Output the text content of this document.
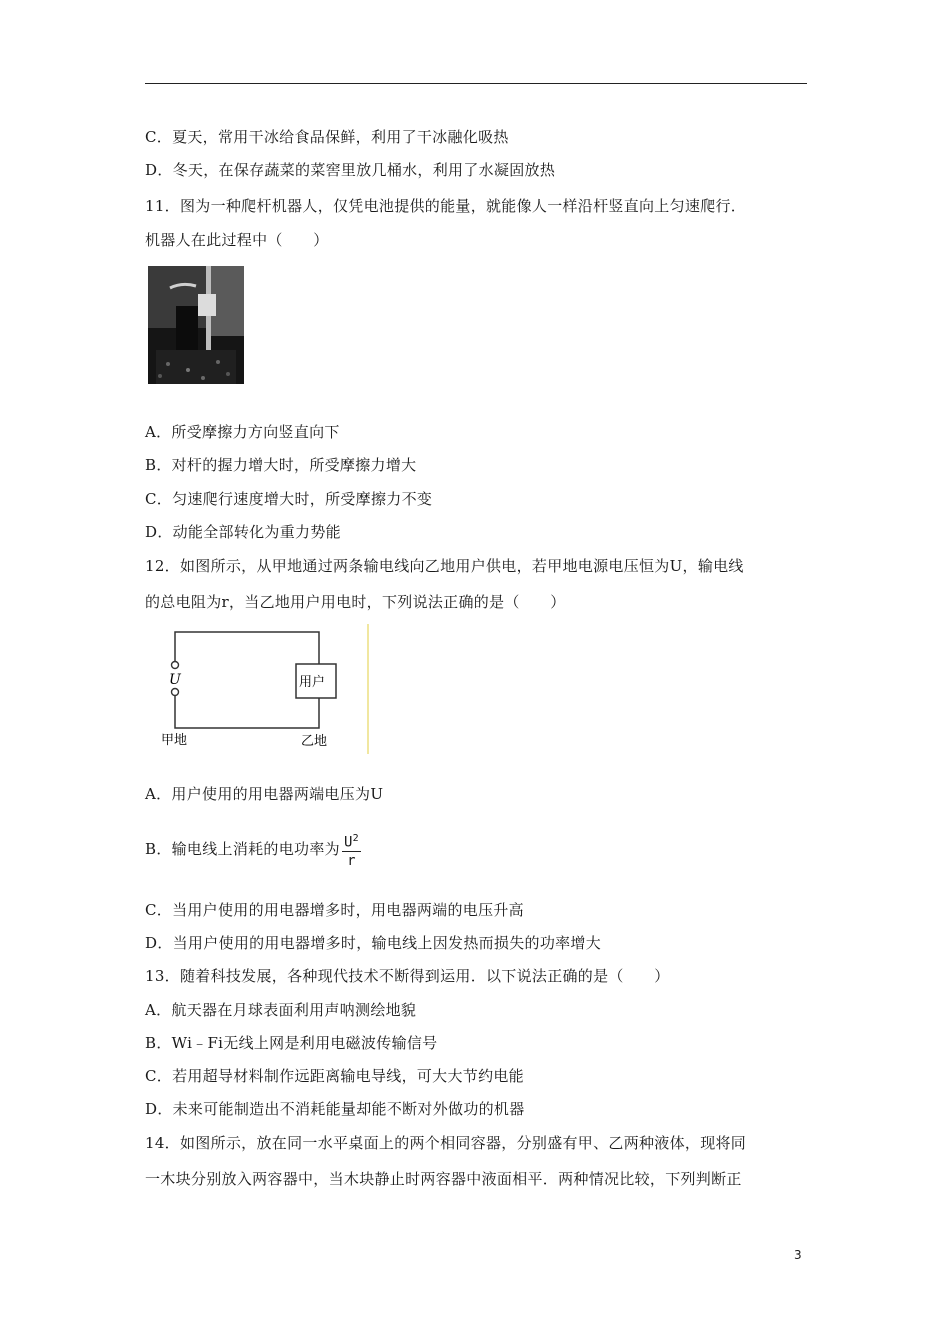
C．夏天，常用干冰给食品保鲜，利用了干冰融化吸热
D．冬天，在保存蔬菜的菜窖里放几桶水，利用了水凝固放热
11．图为一种爬杆机器人，仅凭电池提供的能量，就能像人一样沿杆竖直向上匀速爬行．
机器人在此过程中（　　）
A．所受摩擦力方向竖直向下
B．对杆的握力增大时，所受摩擦力增大
C．匀速爬行速度增大时，所受摩擦力不变
D．动能全部转化为重力势能
12．如图所示，从甲地通过两条输电线向乙地用户供电，若甲地电源电压恒为U，输电线
的总电阻为r，当乙地用户用电时，下列说法正确的是（　　）
U	用户
甲地	乙地
A．用户使用的用电器两端电压为U
B．输电线上消耗的电功率为 $\frac{U^2}{r}$
C．当用户使用的用电器增多时，用电器两端的电压升高
D．当用户使用的用电器增多时，输电线上因发热而损失的功率增大
13．随着科技发展，各种现代技术不断得到运用．以下说法正确的是（　　）
A．航天器在月球表面利用声呐测绘地貌
B．Wi﹣Fi无线上网是利用电磁波传输信号
C．若用超导材料制作远距离输电导线，可大大节约电能
D．未来可能制造出不消耗能量却能不断对外做功的机器
14．如图所示，放在同一水平桌面上的两个相同容器，分别盛有甲、乙两种液体，现将同
一木块分别放入两容器中，当木块静止时两容器中液面相平．两种情况比较，下列判断正
3
